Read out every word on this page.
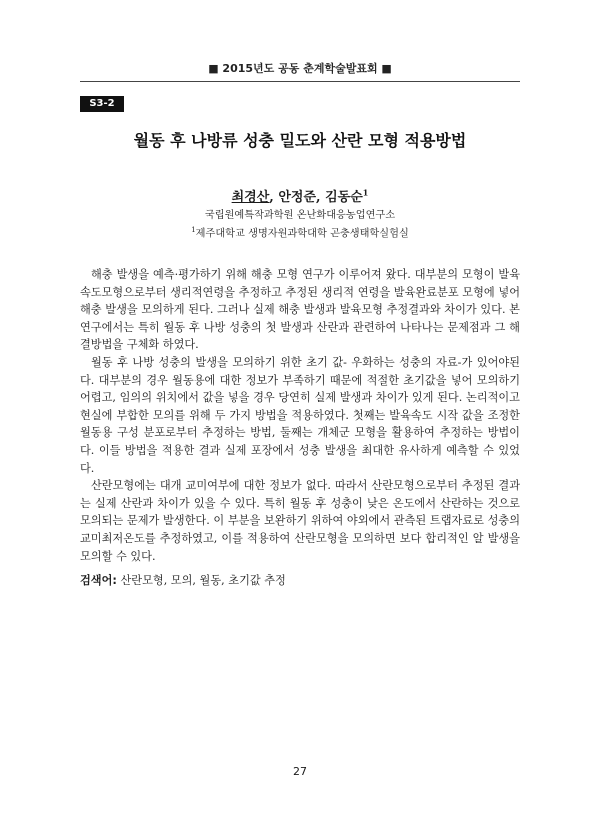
■ 2015년도 공동 춘계학술발표회 ■
S3-2
월동 후 나방류 성충 밀도와 산란 모형 적용방법
최경산, 안정준, 김동순$^1$
국립원예특작과학원 온난화대응농업연구소
$^1$제주대학교 생명자원과학대학 곤충생태학실험실

해충 발생을 예측·평가하기 위해 해충 모형 연구가 이루어져 왔다. 대부분의 모형이 발육속도모형으로부터 생리적연령을 추정하고 추정된 생리적 연령을 발육완료분포 모형에 넣어 해충 발생을 모의하게 된다. 그러나 실제 해충 발생과 발육모형 추정결과와 차이가 있다. 본 연구에서는 특히 월동 후 나방 성충의 첫 발생과 산란과 관련하여 나타나는 문제점과 그 해결방법을 구체화 하였다.

월동 후 나방 성충의 발생을 모의하기 위한 초기 값- 우화하는 성충의 자료-가 있어야된다. 대부분의 경우 월동용에 대한 정보가 부족하기 때문에 적절한 초기값을 넣어 모의하기 어렵고, 임의의 위치에서 값을 넣을 경우 당연히 실제 발생과 차이가 있게 된다. 논리적이고 현실에 부합한 모의를 위해 두 가지 방법을 적용하였다. 첫째는 발육속도 시작 값을 조정한 월동용 구성 분포로부터 추정하는 방법, 둘째는 개체군 모형을 활용하여 추정하는 방법이다. 이들 방법을 적용한 결과 실제 포장에서 성충 발생을 최대한 유사하게 예측할 수 있었다.

산란모형에는 대개 교미여부에 대한 정보가 없다. 따라서 산란모형으로부터 추정된 결과는 실제 산란과 차이가 있을 수 있다. 특히 월동 후 성충이 낮은 온도에서 산란하는 것으로 모의되는 문제가 발생한다. 이 부분을 보완하기 위하여 야외에서 관측된 트랩자료로 성충의 교미최저온도를 추정하였고, 이를 적용하여 산란모형을 모의하면 보다 합리적인 알 발생을 모의할 수 있다.

검색어: 산란모형, 모의, 월동, 초기값 추정
27
